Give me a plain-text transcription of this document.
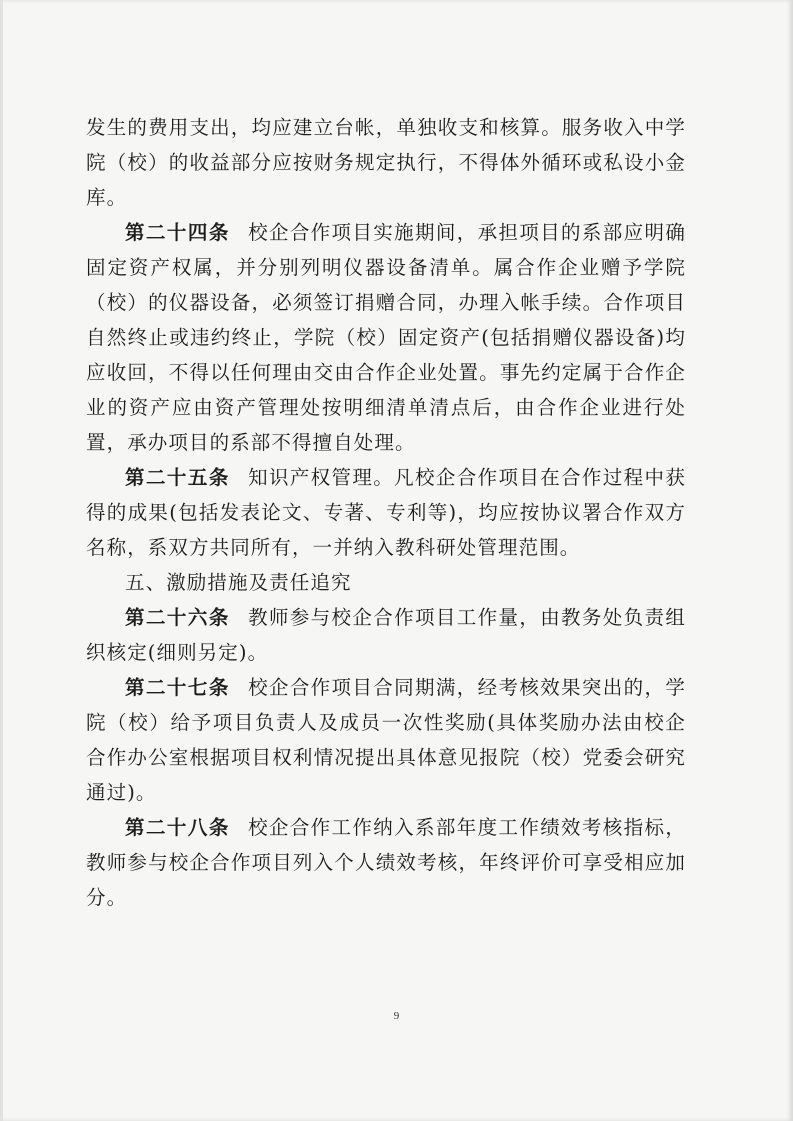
发生的费用支出，均应建立台帐，单独收支和核算。服务收入中学院（校）的收益部分应按财务规定执行，不得体外循环或私设小金库。

第二十四条 校企合作项目实施期间，承担项目的系部应明确固定资产权属，并分别列明仪器设备清单。属合作企业赠予学院（校）的仪器设备，必须签订捐赠合同，办理入帐手续。合作项目自然终止或违约终止，学院（校）固定资产(包括捐赠仪器设备)均应收回，不得以任何理由交由合作企业处置。事先约定属于合作企业的资产应由资产管理处按明细清单清点后，由合作企业进行处置，承办项目的系部不得擅自处理。

第二十五条 知识产权管理。凡校企合作项目在合作过程中获得的成果(包括发表论文、专著、专利等)，均应按协议署合作双方名称，系双方共同所有，一并纳入教科研处管理范围。

五、激励措施及责任追究

第二十六条 教师参与校企合作项目工作量，由教务处负责组织核定(细则另定)。

第二十七条 校企合作项目合同期满，经考核效果突出的，学院（校）给予项目负责人及成员一次性奖励(具体奖励办法由校企合作办公室根据项目权利情况提出具体意见报院（校）党委会研究通过)。

第二十八条 校企合作工作纳入系部年度工作绩效考核指标，教师参与校企合作项目列入个人绩效考核，年终评价可享受相应加分。

9
